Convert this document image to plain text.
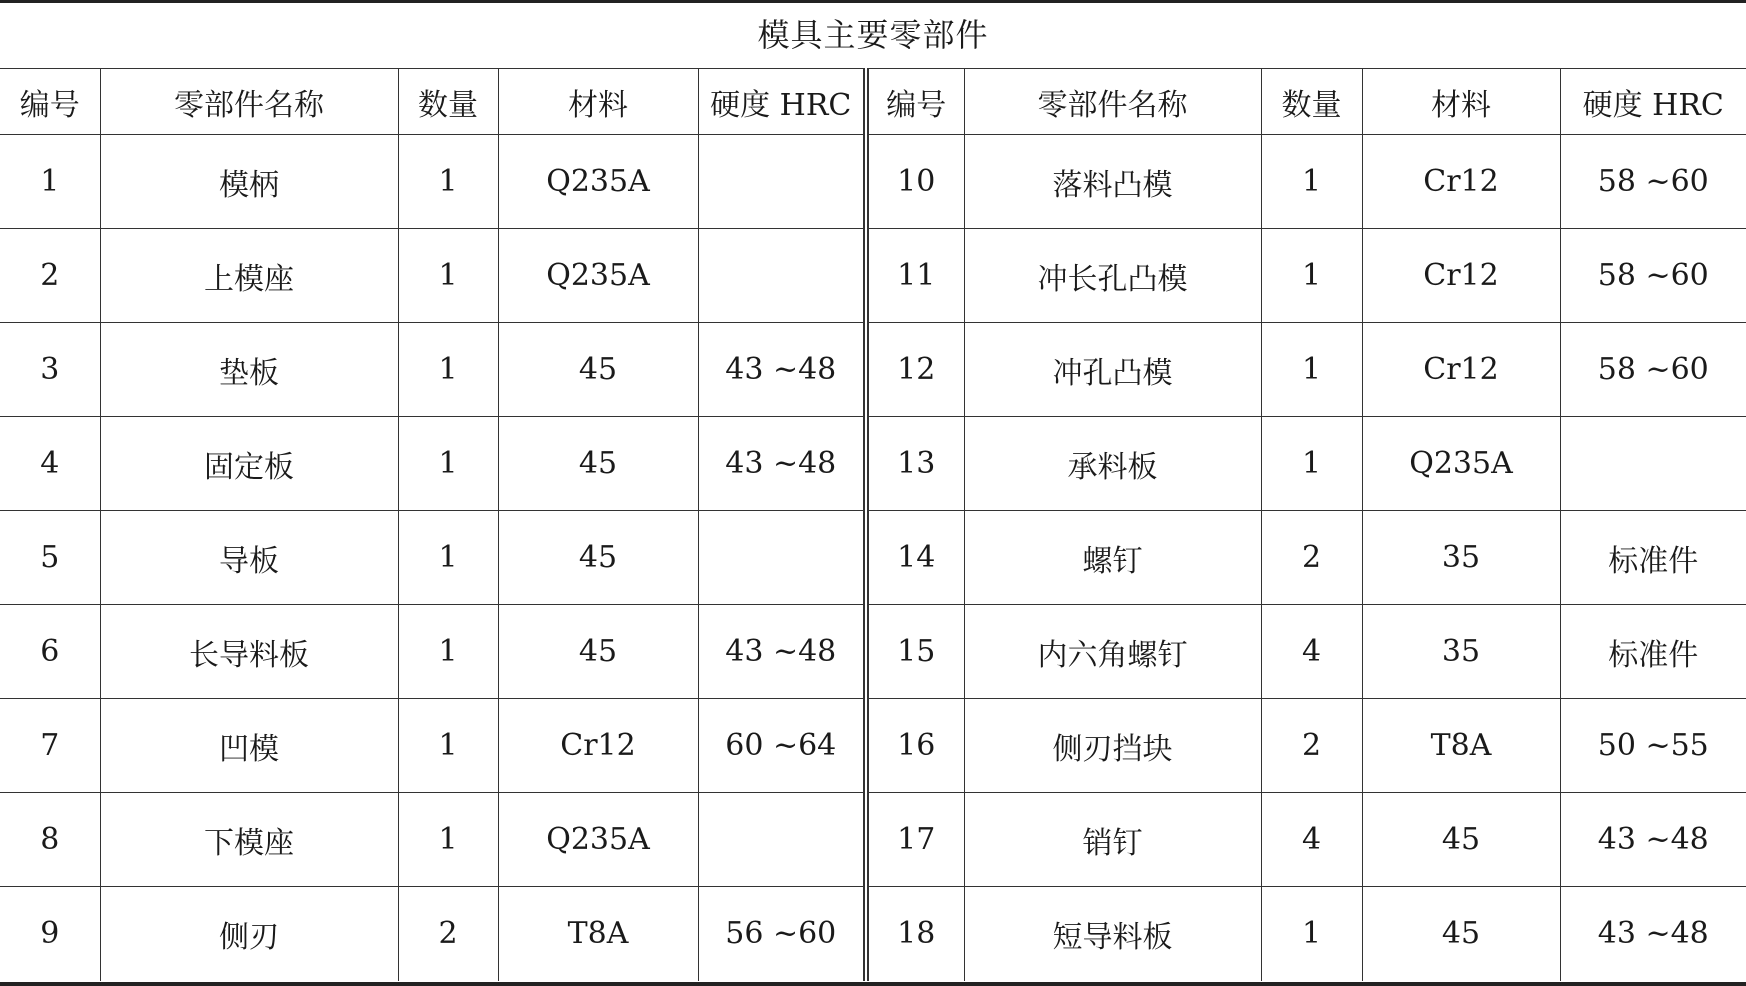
模具主要零部件
编号	零部件名称	数量	材料	硬度 HRC	编号	零部件名称	数量	材料	硬度 HRC
1	模柄	1	Q235A		10	落料凸模	1	Cr12	58 ~60
2	上模座	1	Q235A		11	冲长孔凸模	1	Cr12	58 ~60
3	垫板	1	45	43 ~48	12	冲孔凸模	1	Cr12	58 ~60
4	固定板	1	45	43 ~48	13	承料板	1	Q235A	
5	导板	1	45		14	螺钉	2	35	标准件
6	长导料板	1	45	43 ~48	15	内六角螺钉	4	35	标准件
7	凹模	1	Cr12	60 ~64	16	侧刃挡块	2	T8A	50 ~55
8	下模座	1	Q235A		17	销钉	4	45	43 ~48
9	侧刃	2	T8A	56 ~60	18	短导料板	1	45	43 ~48
